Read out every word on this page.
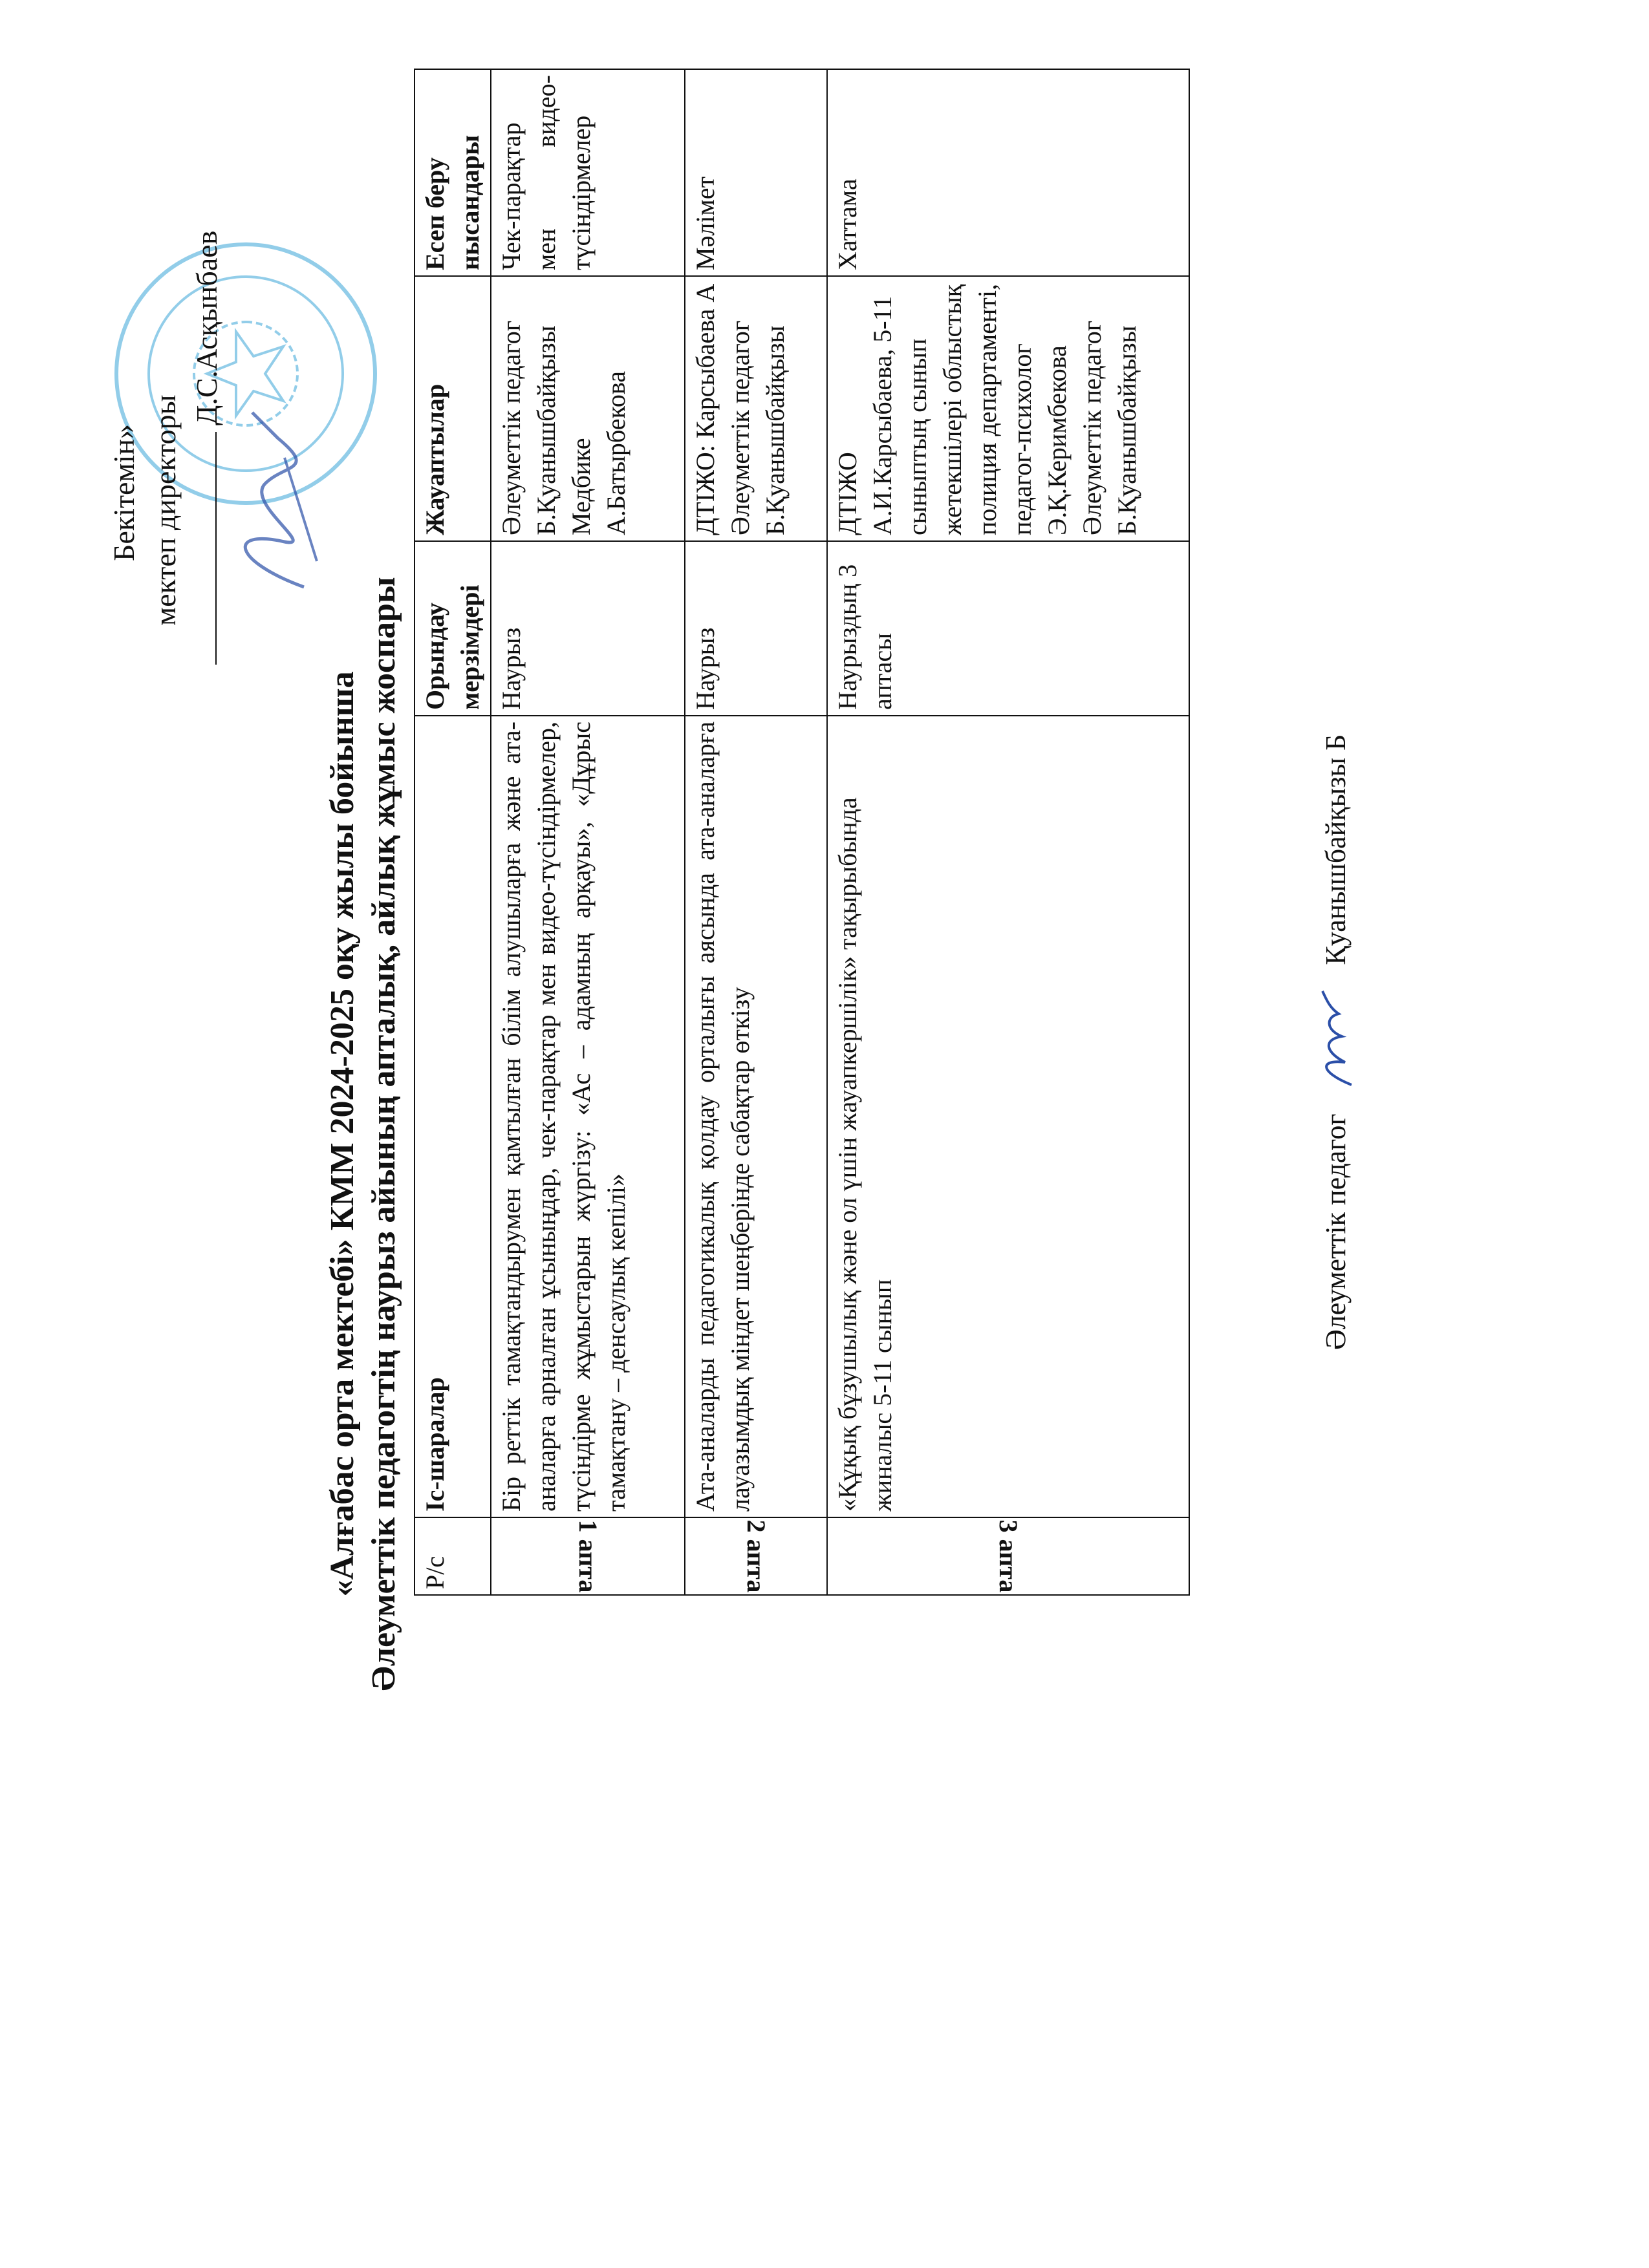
Бекітемін» мектеп директоры
Д.С.Асқынбаев
«Алғабас орта мектебі» КММ 2024-2025 оқу жылы бойынша Әлеуметтік педагогтің наурыз айының апталық, айлық жұмыс жоспары Р/с	Іс-шаралар	Орындау мерзімдері	Жауаптылар	Есеп беру нысандары

1 апта	Бір реттік тамақтандырумен қамтылған білім алушыларға және ата-аналарға арналған ұсыныңдар, чек-парақтар мен видео-түсіндірмелер, түсіндірме жұмыстарын жүргізу: «Ас – адамның арқауы», «Дұрыс тамақтану – денсаулық кепілі»	Наурыз	Әлеуметтік педагог Б.Қуанышбайқызы Медбике А.Батырбекова	Чек-парақтар мен видео-түсіндірмелер

2 апта	Ата-аналарды педагогикалық қолдау орталығы аясында ата-аналарға лауазымдық міндет шеңберінде сабақтар өткізу	Наурыз	ДТІЖО: Карсыбаева А Әлеуметтік педагог Б.Қуанышбайқызы	Мәлімет

3 апта	«Құқық бұзушылық және ол үшін жауапкершілік» тақырыбында жиналыс 5-11 сынып	Наурыздың 3 аптасы	ДТІЖО А.И.Карсыбаева, 5-11 сыныптың сынып жетекшілері облыстық полиция департаменті, педагог-психолог Э.Қ.Керимбекова Әлеуметтік педагог Б.Қуанышбайқызы	Хаттама
Әлеуметтік педагог  Қуанышбайқызы Б
